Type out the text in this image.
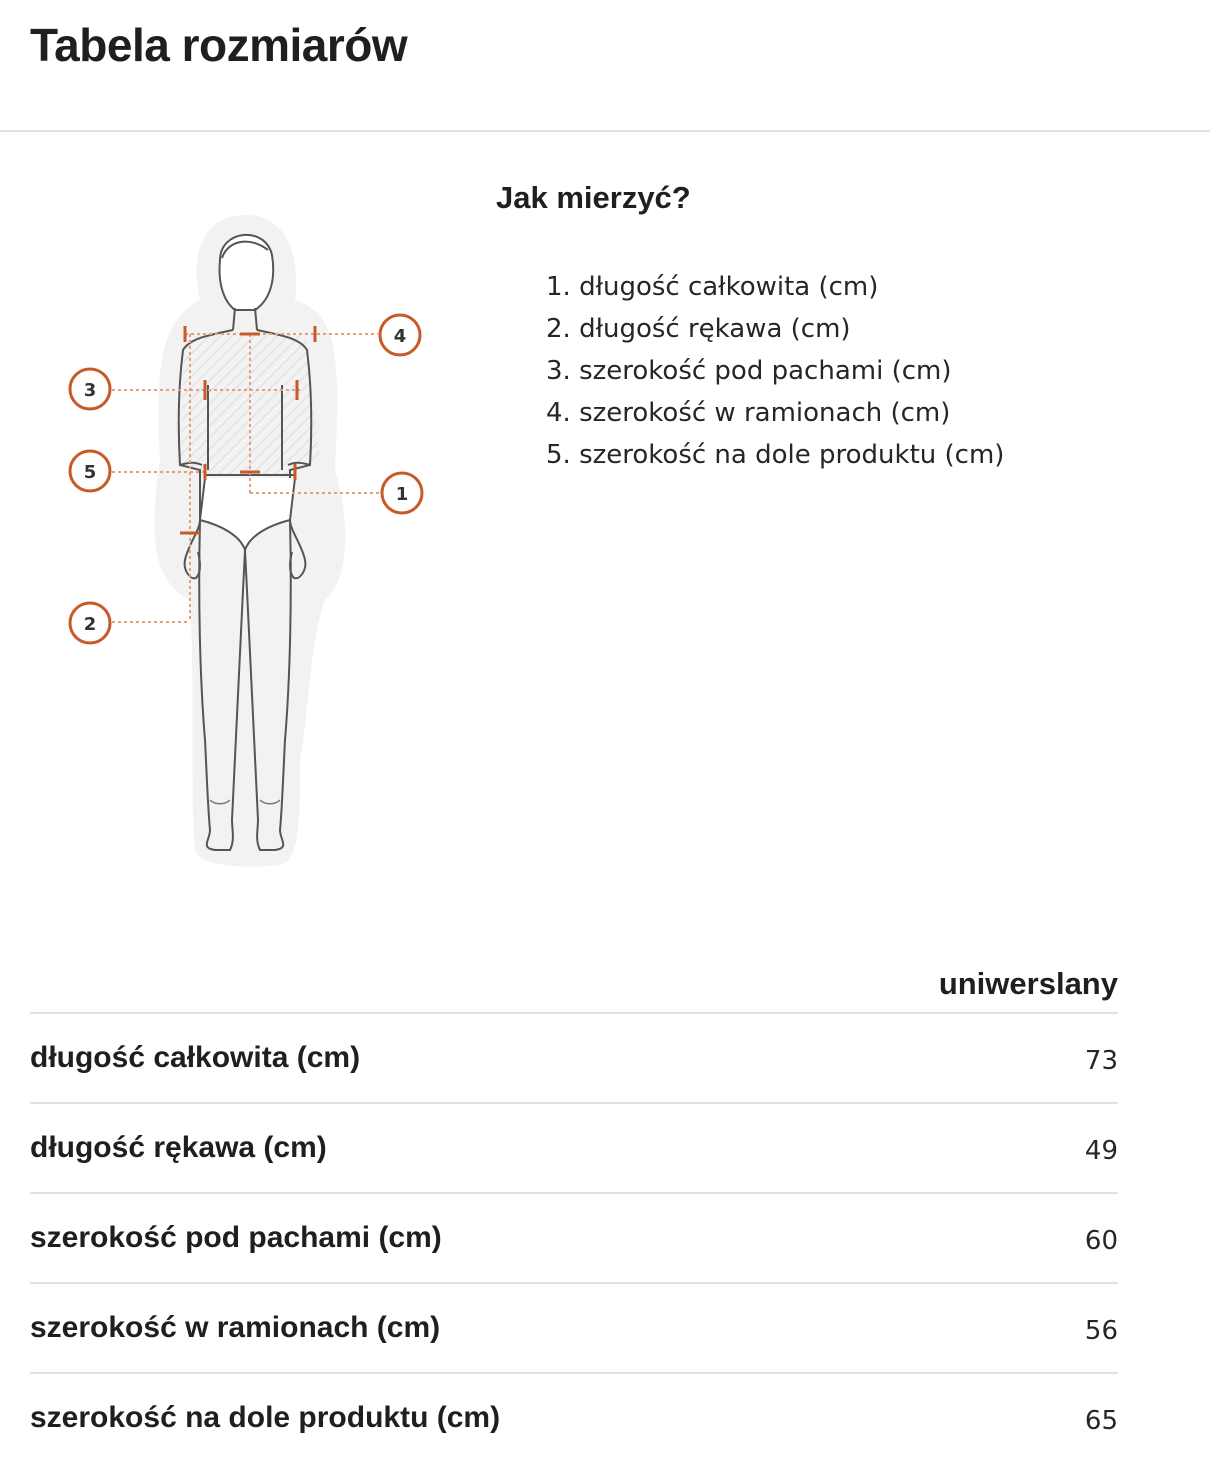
Tabela rozmiarów
4
3
5
1
2
Jak mierzyć?
1. długość całkowita (cm)
2. długość rękawa (cm)
3. szerokość pod pachami (cm)
4. szerokość w ramionach (cm)
5. szerokość na dole produktu (cm)
	uniwerslany
długość całkowita (cm)	73
długość rękawa (cm)	49
szerokość pod pachami (cm)	60
szerokość w ramionach (cm)	56
szerokość na dole produktu (cm)	65
